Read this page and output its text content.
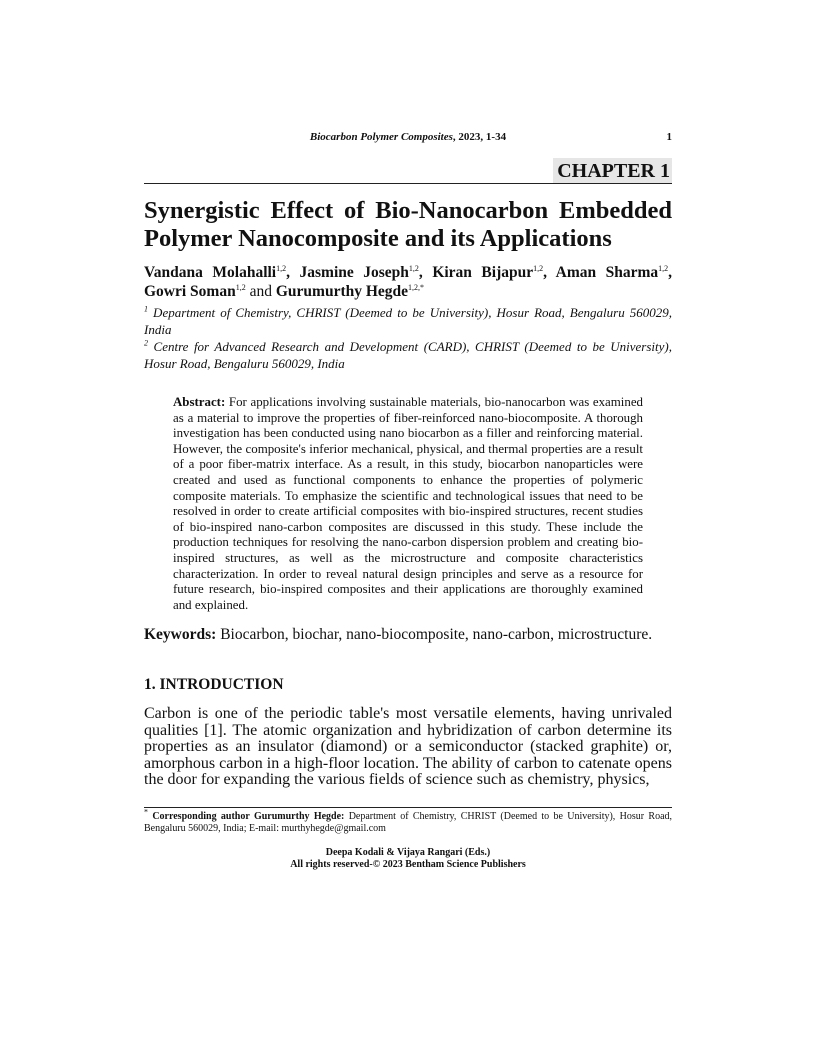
Biocarbon Polymer Composites, 2023, 1-34	1
CHAPTER 1
Synergistic Effect of Bio-Nanocarbon Embedded
Polymer Nanocomposite and its Applications
Vandana Molahalli$^{1,2}$, Jasmine Joseph$^{1,2}$, Kiran Bijapur$^{1,2}$, Aman Sharma$^{1,2}$, Gowri Soman$^{1,2}$ and Gurumurthy Hegde$^{1,2,*}$
$^1$ Department of Chemistry, CHRIST (Deemed to be University), Hosur Road, Bengaluru 560029, India
$^2$ Centre for Advanced Research and Development (CARD), CHRIST (Deemed to be University), Hosur Road, Bengaluru 560029, India
Abstract: For applications involving sustainable materials, bio-nanocarbon was examined as a material to improve the properties of fiber-reinforced nano-biocomposite. A thorough investigation has been conducted using nano biocarbon as a filler and reinforcing material. However, the composite's inferior mechanical, physical, and thermal properties are a result of a poor fiber-matrix interface. As a result, in this study, biocarbon nanoparticles were created and used as functional components to enhance the properties of polymeric composite materials. To emphasize the scientific and technological issues that need to be resolved in order to create artificial composites with bio-inspired structures, recent studies of bio-inspired nano-carbon composites are discussed in this study. These include the production techniques for resolving the nano-carbon dispersion problem and creating bio-inspired structures, as well as the microstructure and composite characteristics characterization. In order to reveal natural design principles and serve as a resource for future research, bio-inspired composites and their applications are thoroughly examined and explained.
Keywords: Biocarbon, biochar, nano-biocomposite, nano-carbon, microstructure.
1. INTRODUCTION
Carbon is one of the periodic table's most versatile elements, having unrivaled qualities [1]. The atomic organization and hybridization of carbon determine its properties as an insulator (diamond) or a semiconductor (stacked graphite) or, amorphous carbon in a high-floor location. The ability of carbon to catenate opens the door for expanding the various fields of science such as chemistry, physics,
* Corresponding author Gurumurthy Hegde: Department of Chemistry, CHRIST (Deemed to be University), Hosur Road, Bengaluru 560029, India; E-mail: murthyhegde@gmail.com
Deepa Kodali & Vijaya Rangari (Eds.)
All rights reserved-© 2023 Bentham Science Publishers
